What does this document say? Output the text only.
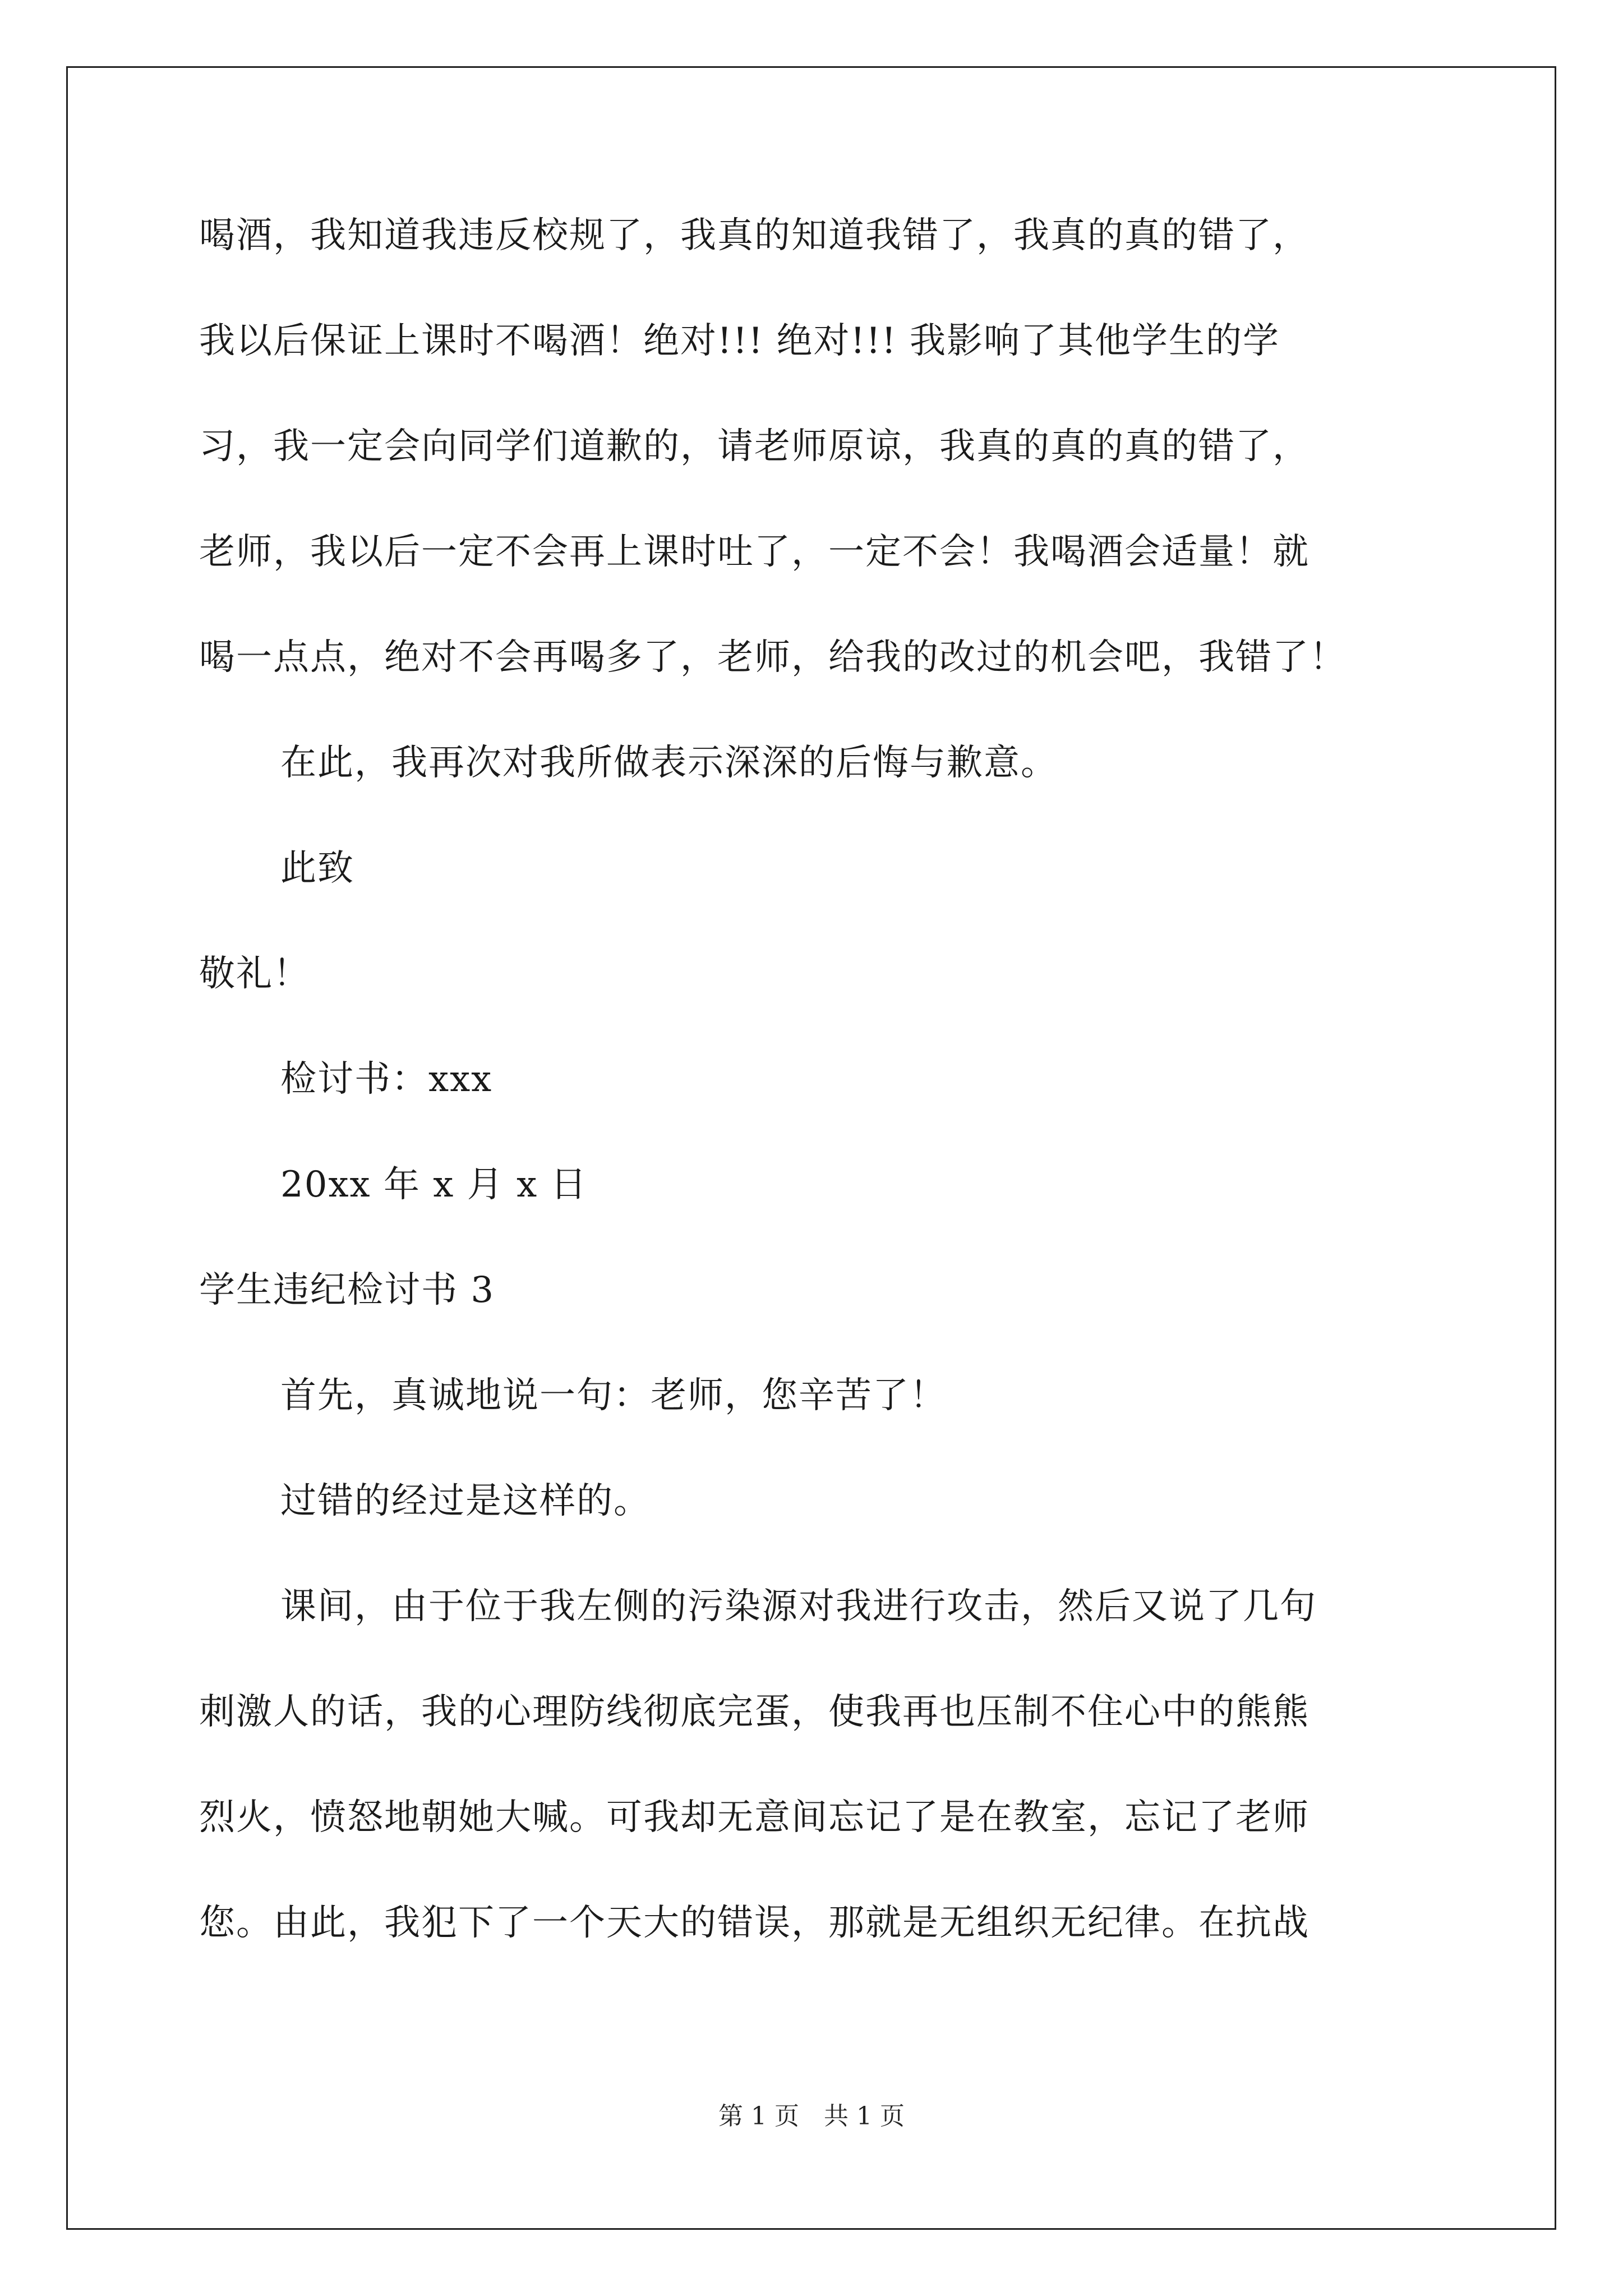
喝酒，我知道我违反校规了，我真的知道我错了，我真的真的错了，
我以后保证上课时不喝酒！绝对!!! 绝对!!! 我影响了其他学生的学
习，我一定会向同学们道歉的，请老师原谅，我真的真的真的错了，
老师，我以后一定不会再上课时吐了，一定不会！我喝酒会适量！就
喝一点点，绝对不会再喝多了，老师，给我的改过的机会吧，我错了！
在此，我再次对我所做表示深深的后悔与歉意。
此致
敬礼！
检讨书：xxx
20xx 年 x 月 x 日
学生违纪检讨书 3
首先，真诚地说一句：老师，您辛苦了！
过错的经过是这样的。
课间，由于位于我左侧的污染源对我进行攻击，然后又说了几句
刺激人的话，我的心理防线彻底完蛋，使我再也压制不住心中的熊熊
烈火，愤怒地朝她大喊。可我却无意间忘记了是在教室，忘记了老师
您。由此，我犯下了一个天大的错误，那就是无组织无纪律。在抗战
第 1 页　共 1 页
